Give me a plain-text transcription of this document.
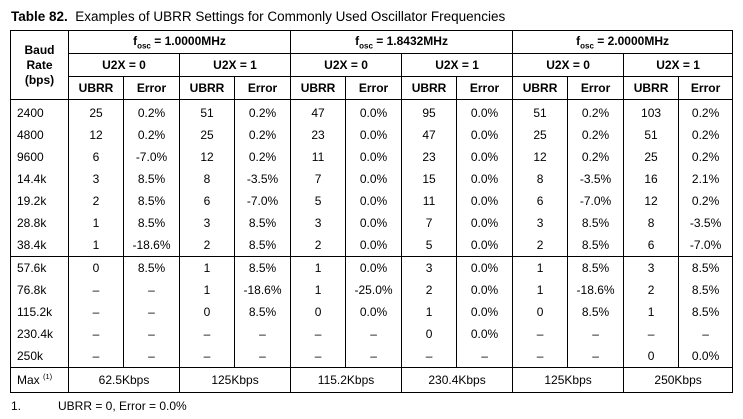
Table 82. Examples of UBRR Settings for Commonly Used Oscillator Frequencies
Baud
Rate
(bps)	$f_{osc} = 1.0000MHz$				$f_{osc} = 1.8432MHz$				$f_{osc} = 2.0000MHz$			
	U2X = 0		U2X = 1		U2X = 0		U2X = 1		U2X = 0		U2X = 1	
	UBRR	Error	UBRR	Error	UBRR	Error	UBRR	Error	UBRR	Error	UBRR	Error
2400	25	0.2%	51	0.2%	47	0.0%	95	0.0%	51	0.2%	103	0.2%
4800	12	0.2%	25	0.2%	23	0.0%	47	0.0%	25	0.2%	51	0.2%
9600	6	-7.0%	12	0.2%	11	0.0%	23	0.0%	12	0.2%	25	0.2%
14.4k	3	8.5%	8	-3.5%	7	0.0%	15	0.0%	8	-3.5%	16	2.1%
19.2k	2	8.5%	6	-7.0%	5	0.0%	11	0.0%	6	-7.0%	12	0.2%
28.8k	1	8.5%	3	8.5%	3	0.0%	7	0.0%	3	8.5%	8	-3.5%
38.4k	1	-18.6%	2	8.5%	2	0.0%	5	0.0%	2	8.5%	6	-7.0%
57.6k	0	8.5%	1	8.5%	1	0.0%	3	0.0%	1	8.5%	3	8.5%
76.8k	–	–	1	-18.6%	1	-25.0%	2	0.0%	1	-18.6%	2	8.5%
115.2k	–	–	0	8.5%	0	0.0%	1	0.0%	0	8.5%	1	8.5%
230.4k	–	–	–	–	–	–	0	0.0%	–	–	–	–
250k	–	–	–	–	–	–	–	–	–	–	0	0.0%
Max $^{(1)}$	62.5Kbps		125Kbps		115.2Kbps		230.4Kbps		125Kbps		250Kbps	
1.	UBRR = 0, Error = 0.0%
